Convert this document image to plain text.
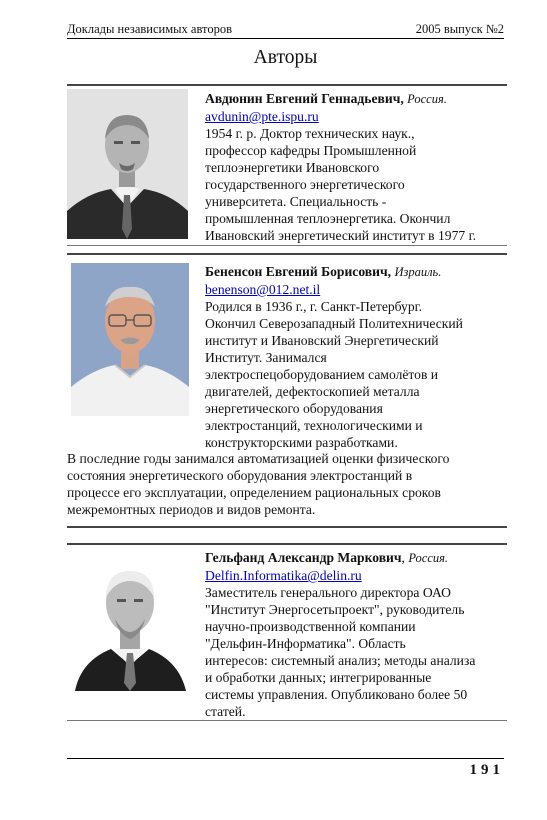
Доклады независимых авторов	2005 выпуск №2
Авторы
Авдюнин Евгений Геннадьевич, Россия.
avdunin@pte.ispu.ru
1954 г. р. Доктор технических наук.,
профессор кафедры Промышленной
теплоэнергетики Ивановского
государственного энергетического
университета. Специальность -
промышленная теплоэнергетика. Окончил
Ивановский энергетический институт в 1977 г.
Бененсон Евгений Борисович, Израиль.
benenson@012.net.il
Родился в 1936 г., г. Санкт-Петербург.
Окончил Северозападный Политехнический
институт и Ивановский Энергетический
Институт. Занимался
электроспецоборудованием самолётов и
двигателей, дефектоскопией металла
энергетического оборудования
электростанций, технологическими и
конструкторскими разработками.
В последние годы занимался автоматизацией оценки физического
состояния энергетического оборудования электростанций в
процессе его эксплуатации, определением рациональных сроков
межремонтных периодов и видов ремонта.
Гельфанд Александр Маркович, Россия.
Delfin.Informatika@delin.ru
Заместитель генерального директора ОАО
"Институт Энергосетьпроект", руководитель
научно-производственной компании
"Дельфин-Информатика". Область
интересов: системный анализ; методы анализа
и обработки данных; интегрированные
системы управления. Опубликовано более 50
статей.
191
